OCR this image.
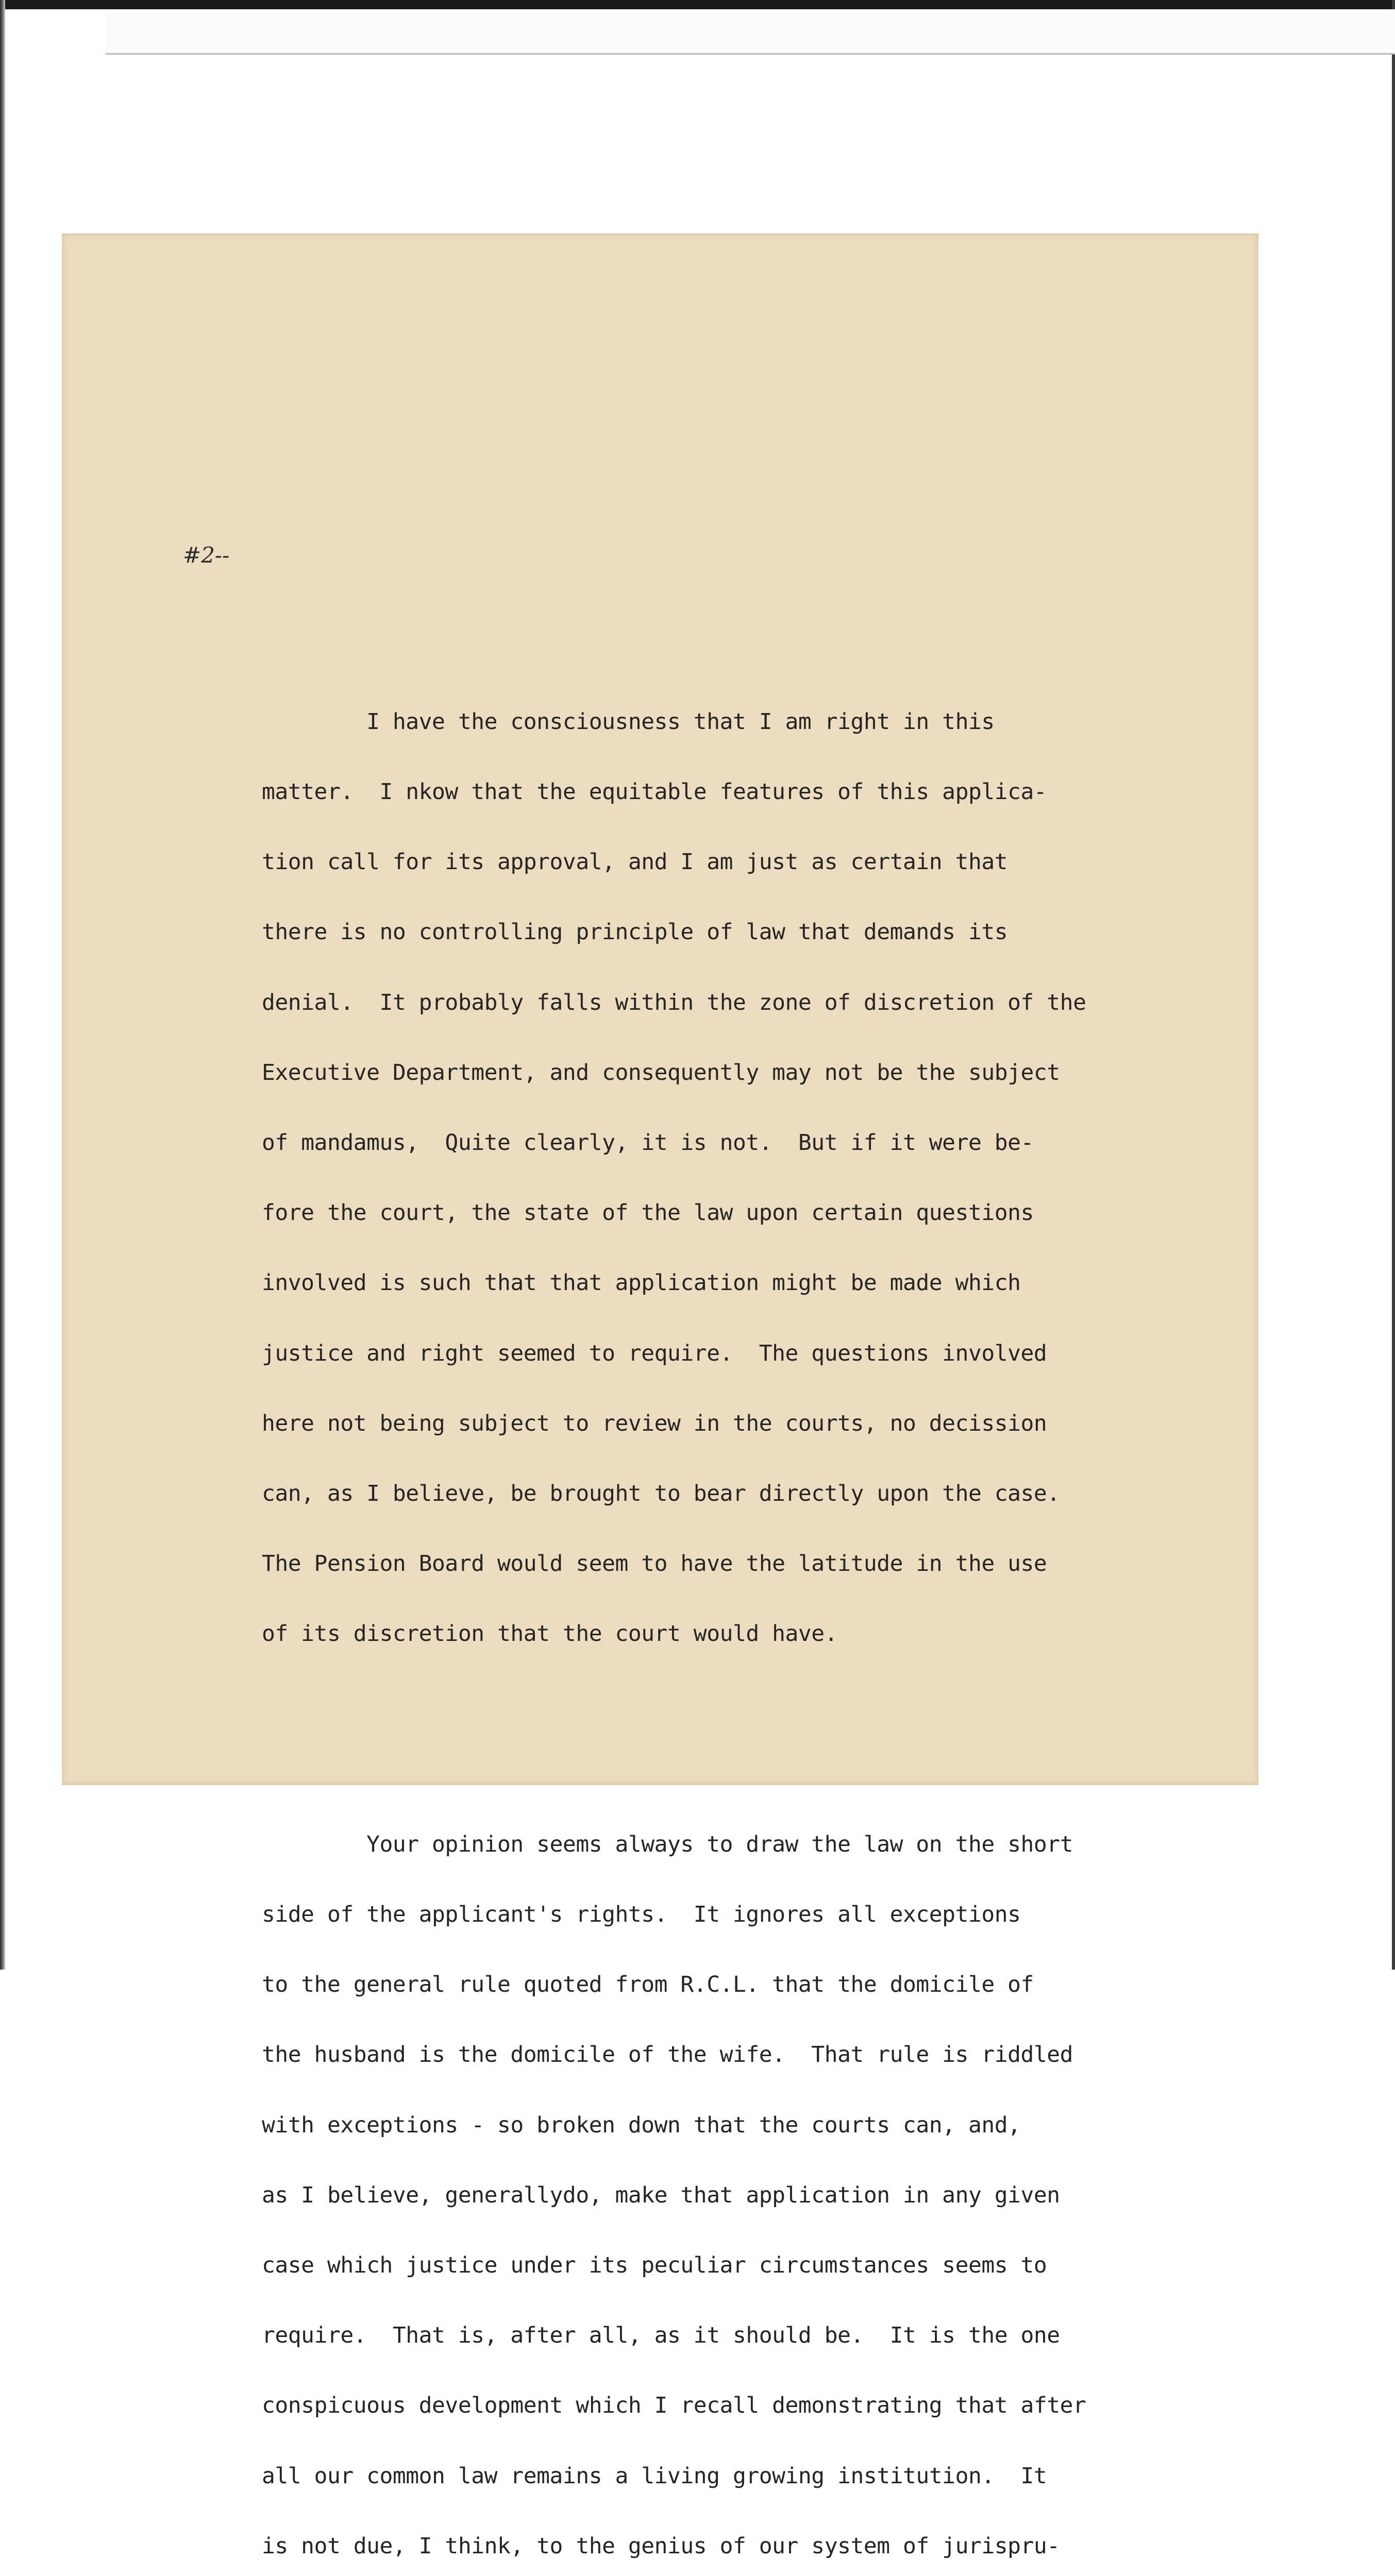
#2--

I have the consciousness that I am right in this

matter.  I nkow that the equitable features of this applica-

tion call for its approval, and I am just as certain that

there is no controlling principle of law that demands its

denial.  It probably falls within the zone of discretion of the

Executive Department, and consequently may not be the subject

of mandamus,  Quite clearly, it is not.  But if it were be-

fore the court, the state of the law upon certain questions

involved is such that that application might be made which

justice and right seemed to require.  The questions involved

here not being subject to review in the courts, no decission

can, as I believe, be brought to bear directly upon the case.

The Pension Board would seem to have the latitude in the use

of its discretion that the court would have.

Your opinion seems always to draw the law on the short

side of the applicant's rights.  It ignores all exceptions

to the general rule quoted from R.C.L. that the domicile of

the husband is the domicile of the wife.  That rule is riddled

with exceptions - so broken down that the courts can, and,

as I believe, generallydo, make that application in any given

case which justice under its peculiar circumstances seems to

require.  That is, after all, as it should be.  It is the one

conspicuous development which I recall demonstrating that after

all our common law remains a living growing institution.  It

is not due, I think, to the genius of our system of jurispru-
